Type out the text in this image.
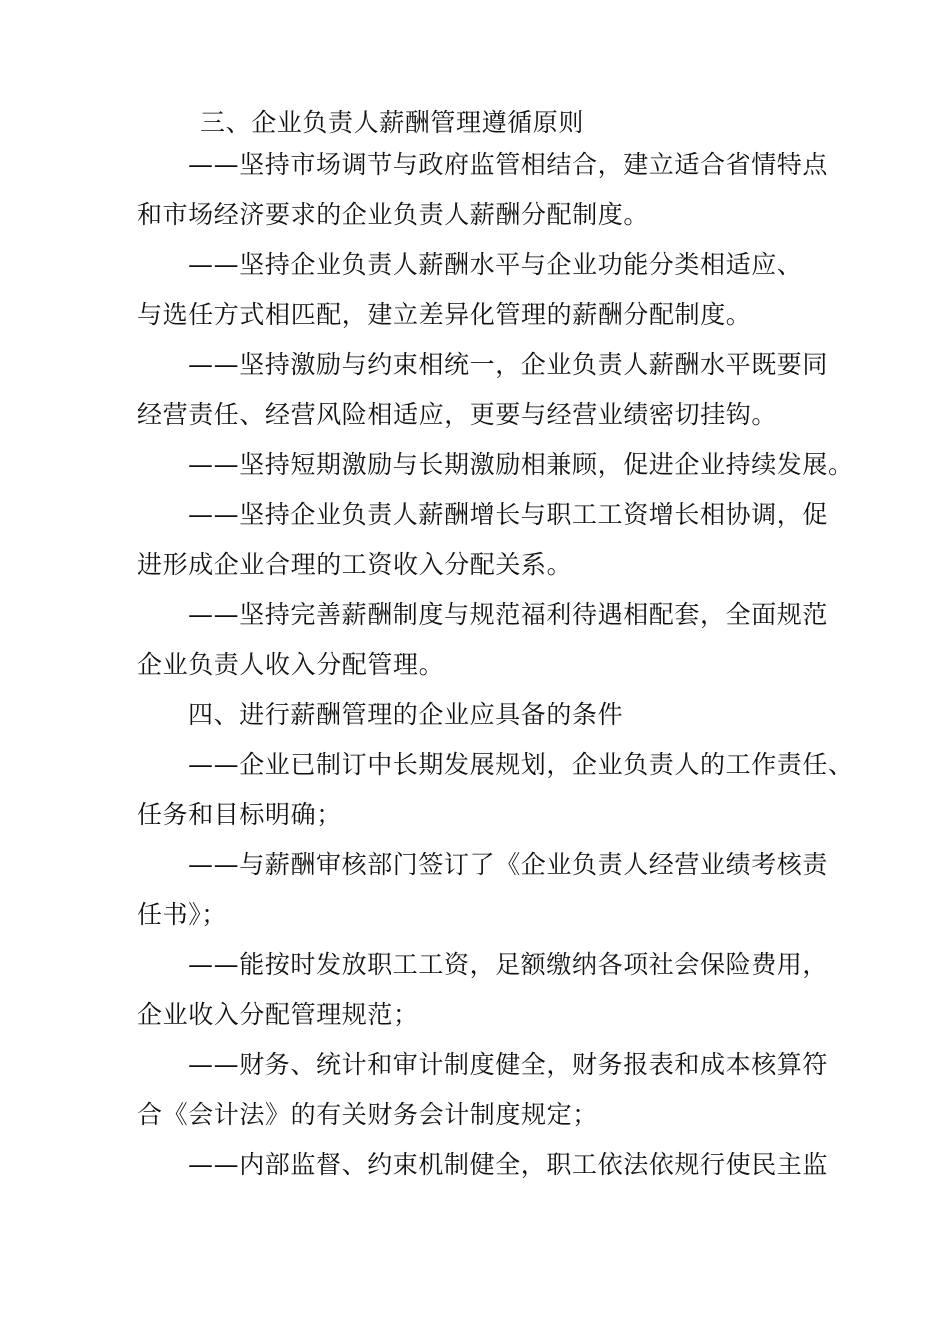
三、企业负责人薪酬管理遵循原则
——坚持市场调节与政府监管相结合，建立适合省情特点
和市场经济要求的企业负责人薪酬分配制度。
——坚持企业负责人薪酬水平与企业功能分类相适应、
与选任方式相匹配，建立差异化管理的薪酬分配制度。
——坚持激励与约束相统一，企业负责人薪酬水平既要同
经营责任、经营风险相适应，更要与经营业绩密切挂钩。
——坚持短期激励与长期激励相兼顾，促进企业持续发展。
——坚持企业负责人薪酬增长与职工工资增长相协调，促
进形成企业合理的工资收入分配关系。
——坚持完善薪酬制度与规范福利待遇相配套，全面规范
企业负责人收入分配管理。
四、进行薪酬管理的企业应具备的条件
——企业已制订中长期发展规划，企业负责人的工作责任、
任务和目标明确；
——与薪酬审核部门签订了《企业负责人经营业绩考核责
任书》；
——能按时发放职工工资，足额缴纳各项社会保险费用，
企业收入分配管理规范；
——财务、统计和审计制度健全，财务报表和成本核算符
合《会计法》的有关财务会计制度规定；
——内部监督、约束机制健全，职工依法依规行使民主监
